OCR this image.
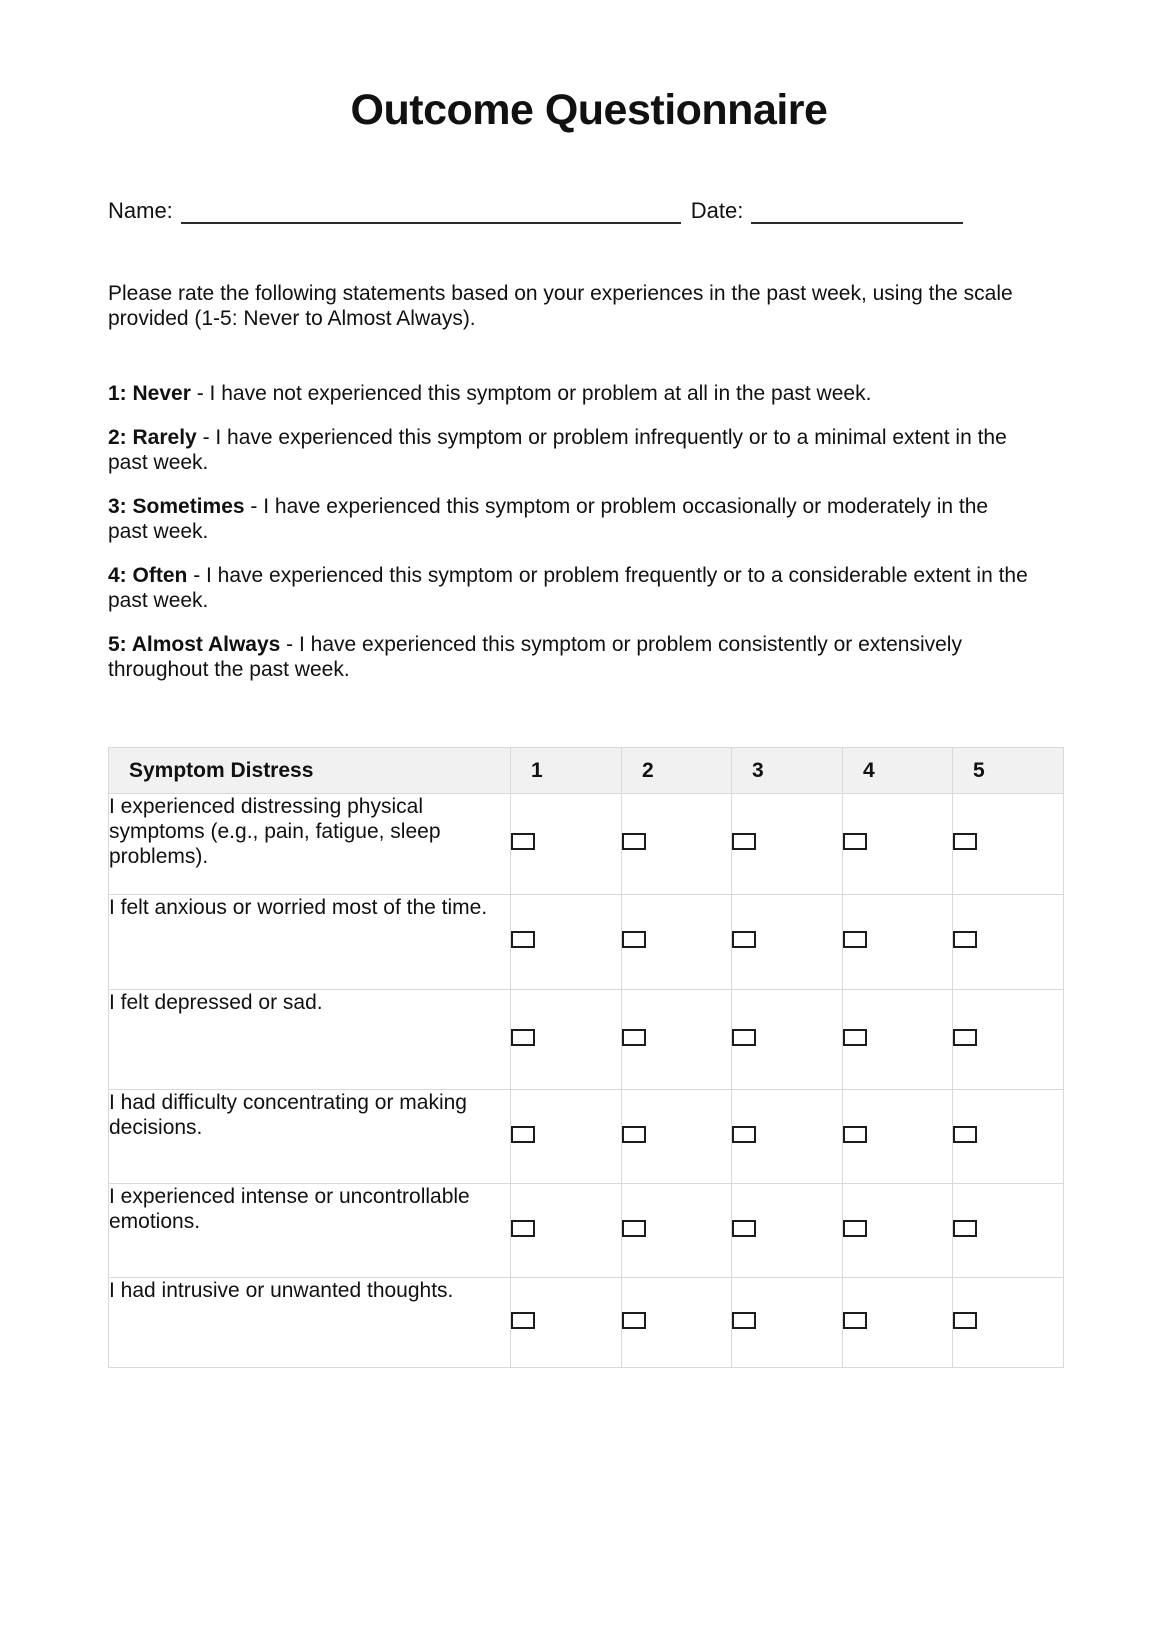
Outcome Questionnaire
Name:	Date:

Please rate the following statements based on your experiences in the past week, using the scale provided (1-5: Never to Almost Always).

1: Never - I have not experienced this symptom or problem at all in the past week.

2: Rarely - I have experienced this symptom or problem infrequently or to a minimal extent in the past week.

3: Sometimes - I have experienced this symptom or problem occasionally or moderately in the past week.

4: Often - I have experienced this symptom or problem frequently or to a considerable extent in the past week.

5: Almost Always - I have experienced this symptom or problem consistently or extensively throughout the past week.

Symptom Distress	1	2	3	4	5
I experienced distressing physical symptoms (e.g., pain, fatigue, sleep problems).					
I felt anxious or worried most of the time.					
I felt depressed or sad.					
I had difficulty concentrating or making decisions.					
I experienced intense or uncontrollable emotions.					
I had intrusive or unwanted thoughts.					
